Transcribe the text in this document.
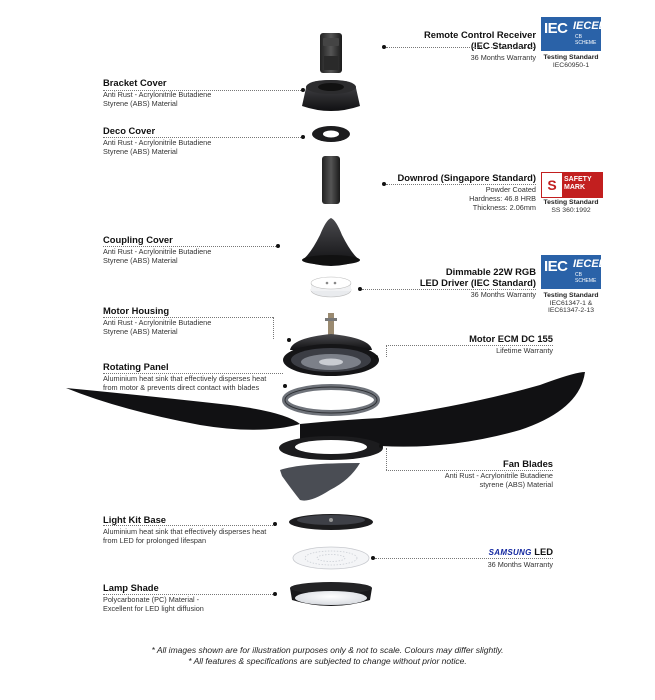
Bracket Cover
Anti Rust - Acrylonitrile Butadiene
Styrene (ABS) Material
Deco Cover
Anti Rust - Acrylonitrile Butadiene
Styrene (ABS) Material
Coupling Cover
Anti Rust - Acrylonitrile Butadiene
Styrene (ABS) Material
Motor Housing
Anti Rust - Acrylonitrile Butadiene
Styrene (ABS) Material
Rotating Panel
Aluminium heat sink that effectively disperses heat
from motor & prevents direct contact with blades
Light Kit Base
Aluminium heat sink that effectively disperses heat
from LED for prolonged lifespan
Lamp Shade
Polycarbonate (PC) Material -
Excellent for LED light diffusion
Remote Control Receiver
(IEC Standard)
36 Months Warranty
IEC IECEE
CB
SCHEME
Testing Standard
IEC60950-1
Downrod (Singapore Standard)
Powder Coated
Hardness: 46.8 HRB
Thickness: 2.06mm
S	SAFETY
MARK
Testing Standard
SS 360:1992
Dimmable 22W RGB
LED Driver (IEC Standard)
36 Months Warranty
IEC IECEE
CB
SCHEME
Testing Standard
IEC61347-1 &
IEC61347-2-13
Motor ECM DC 155
Lifetime Warranty
Fan Blades
Anti Rust - Acrylonitrile Butadiene
styrene (ABS) Material
SAMSUNG LED
36 Months Warranty
* All images shown are for illustration purposes only & not to scale. Colours may differ slightly.
* All features & specifications are subjected to change without prior notice.
